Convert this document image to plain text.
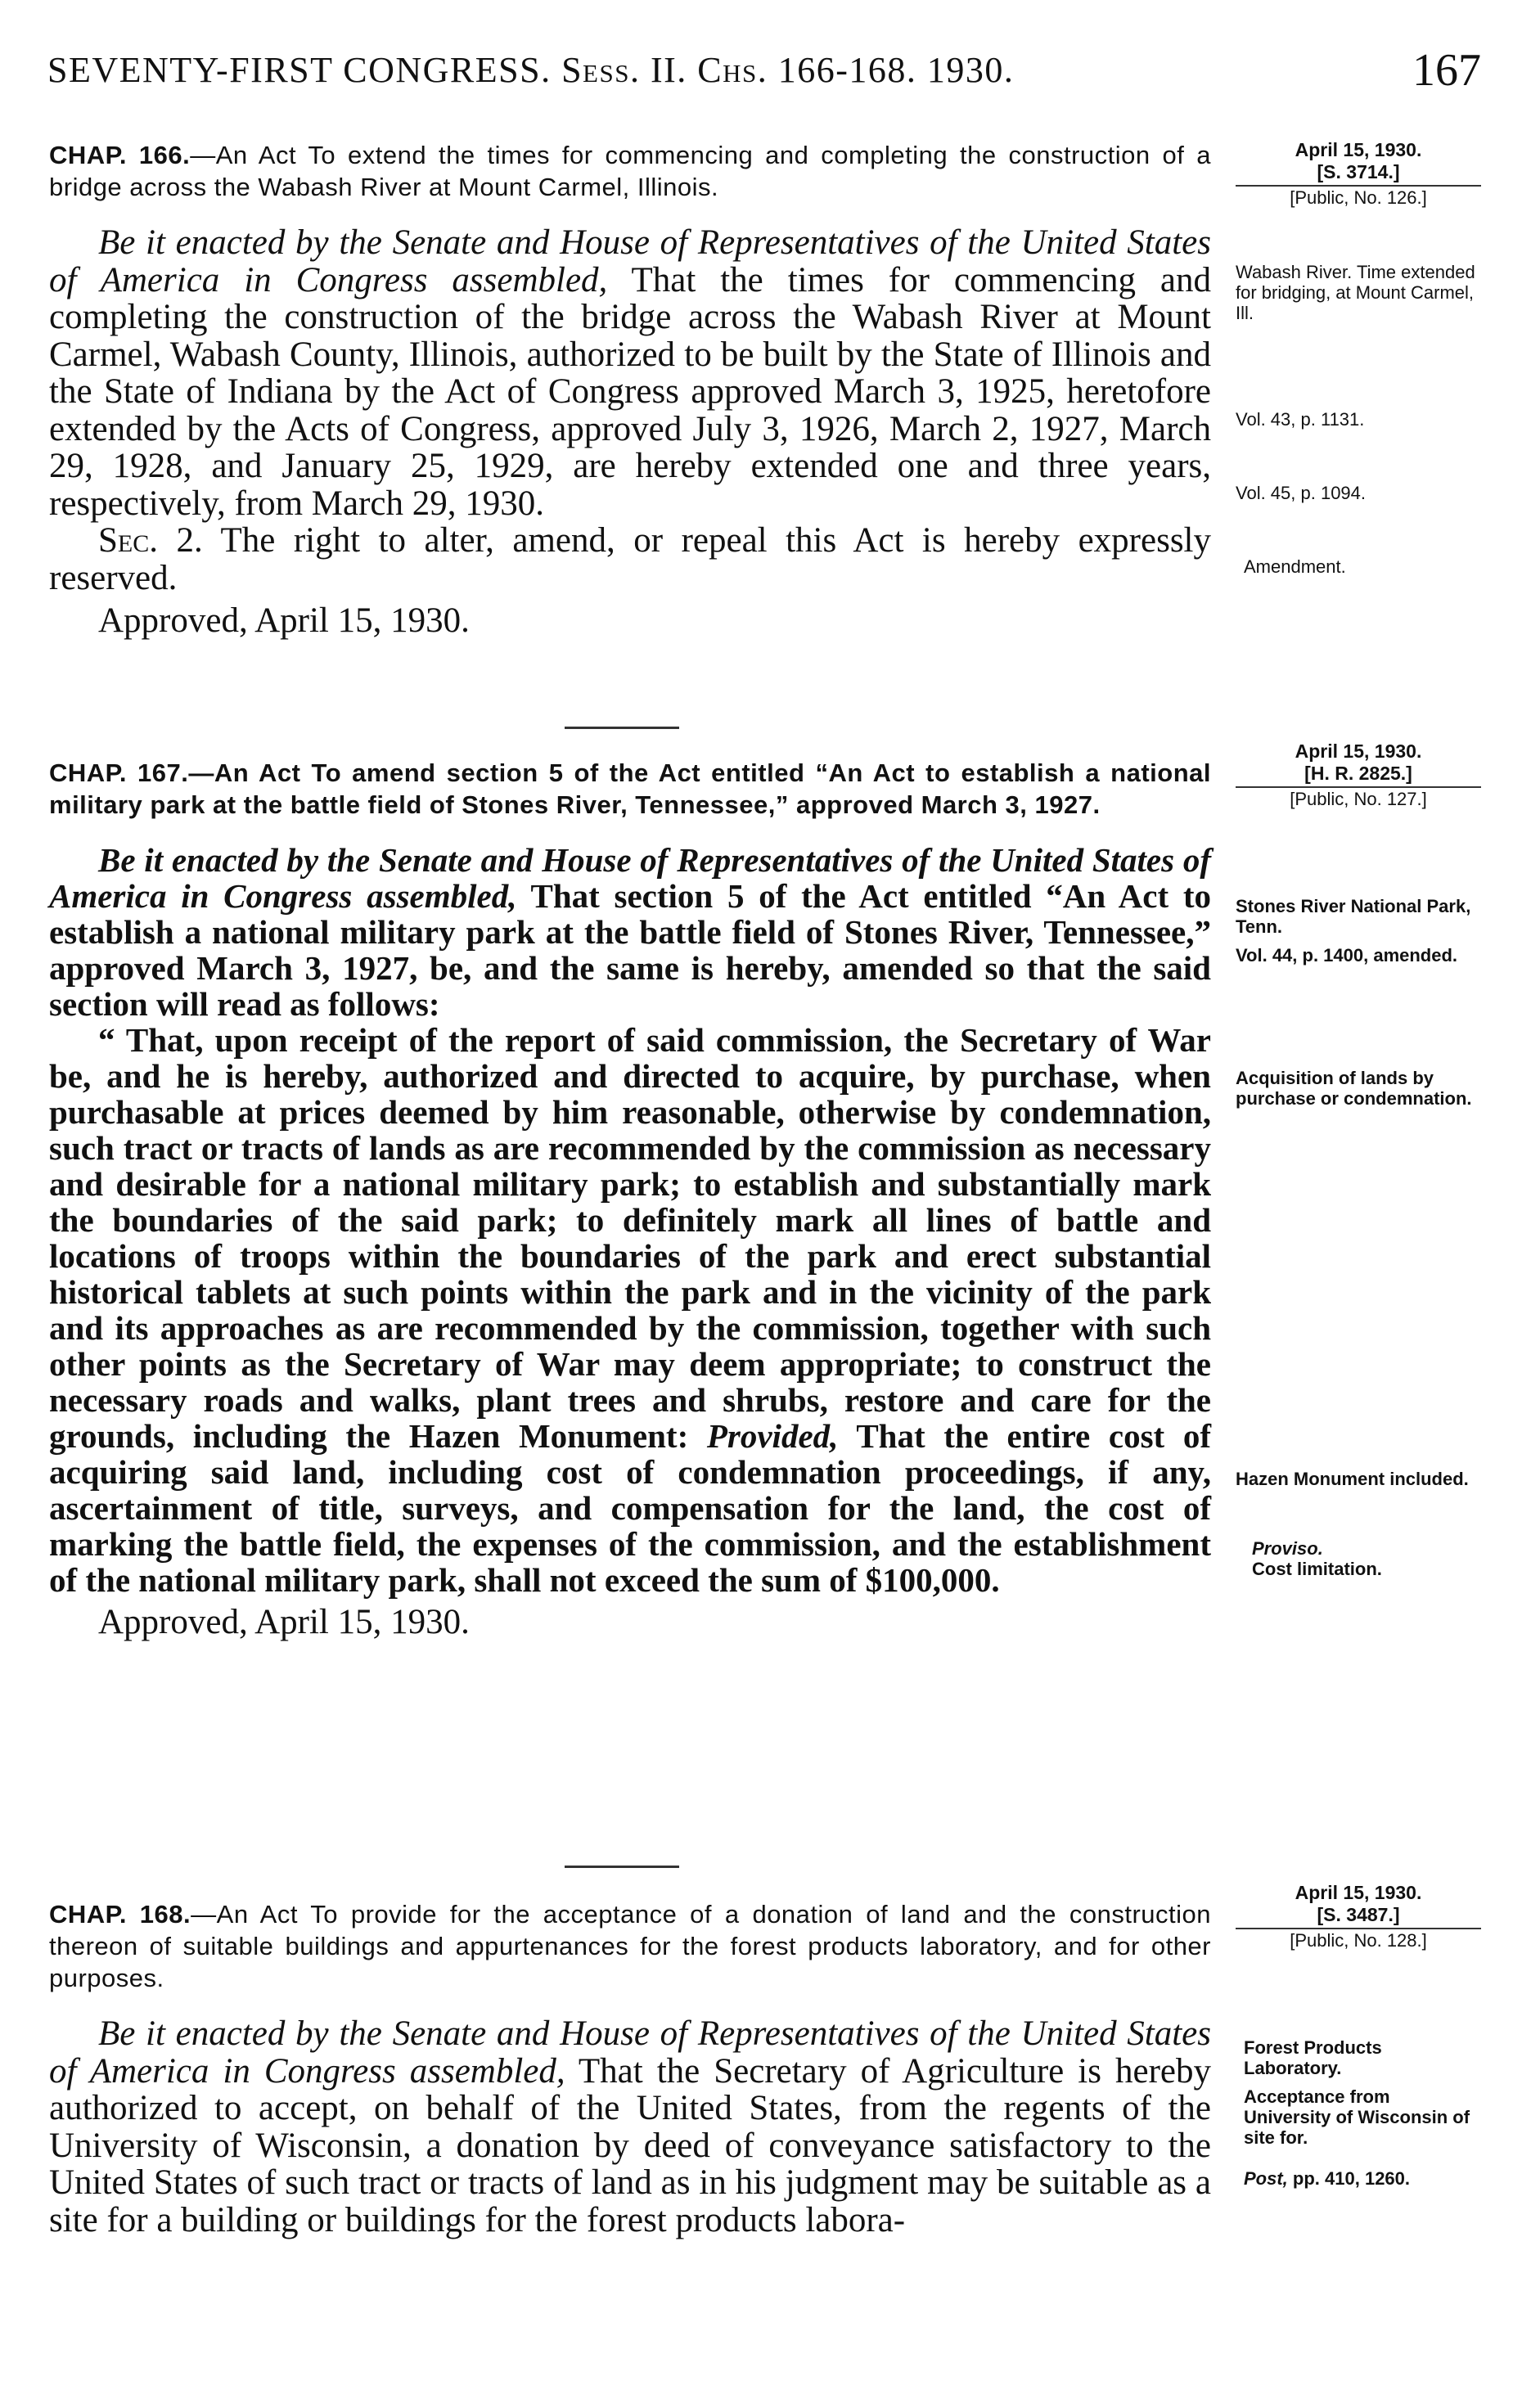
SEVENTY-FIRST CONGRESS. Sess. II. Chs. 166-168. 1930.	167
CHAP. 166.—An Act To extend the times for commencing and completing the construction of a bridge across the Wabash River at Mount Carmel, Illinois.

Be it enacted by the Senate and House of Representatives of the United States of America in Congress assembled, That the times for commencing and completing the construction of the bridge across the Wabash River at Mount Carmel, Wabash County, Illinois, authorized to be built by the State of Illinois and the State of Indiana by the Act of Congress approved March 3, 1925, heretofore extended by the Acts of Congress, approved July 3, 1926, March 2, 1927, March 29, 1928, and January 25, 1929, are hereby extended one and three years, respectively, from March 29, 1930.

Sec. 2. The right to alter, amend, or repeal this Act is hereby expressly reserved.

Approved, April 15, 1930.
April 15, 1930.
[S. 3714.]
[Public, No. 126.]
Wabash River. Time extended for bridging, at Mount Carmel, Ill.
Vol. 43, p. 1131.
Vol. 45, p. 1094.
Amendment.
CHAP. 167.—An Act To amend section 5 of the Act entitled “An Act to establish a national military park at the battle field of Stones River, Tennessee,” approved March 3, 1927.

Be it enacted by the Senate and House of Representatives of the United States of America in Congress assembled, That section 5 of the Act entitled “An Act to establish a national military park at the battle field of Stones River, Tennessee,” approved March 3, 1927, be, and the same is hereby, amended so that the said section will read as follows:

“ That, upon receipt of the report of said commission, the Secretary of War be, and he is hereby, authorized and directed to acquire, by purchase, when purchasable at prices deemed by him reasonable, otherwise by condemnation, such tract or tracts of lands as are recommended by the commission as necessary and desirable for a national military park; to establish and substantially mark the boundaries of the said park; to definitely mark all lines of battle and locations of troops within the boundaries of the park and erect substantial historical tablets at such points within the park and in the vicinity of the park and its approaches as are recommended by the commission, together with such other points as the Secretary of War may deem appropriate; to construct the necessary roads and walks, plant trees and shrubs, restore and care for the grounds, including the Hazen Monument: Provided, That the entire cost of acquiring said land, including cost of condemnation proceedings, if any, ascertainment of title, surveys, and compensation for the land, the cost of marking the battle field, the expenses of the commission, and the establishment of the national military park, shall not exceed the sum of $100,000.

Approved, April 15, 1930.
April 15, 1930.
[H. R. 2825.]
[Public, No. 127.]
Stones River National Park, Tenn.
Vol. 44, p. 1400, amended.
Acquisition of lands by purchase or condemnation.
Hazen Monument included.
Proviso.
Cost limitation.
CHAP. 168.—An Act To provide for the acceptance of a donation of land and the construction thereon of suitable buildings and appurtenances for the forest products laboratory, and for other purposes.

Be it enacted by the Senate and House of Representatives of the United States of America in Congress assembled, That the Secretary of Agriculture is hereby authorized to accept, on behalf of the United States, from the regents of the University of Wisconsin, a donation by deed of conveyance satisfactory to the United States of such tract or tracts of land as in his judgment may be suitable as a site for a building or buildings for the forest products labora-

April 15, 1930.
[S. 3487.]
[Public, No. 128.]
Forest Products Laboratory.
Acceptance from University of Wisconsin of site for.
Post, pp. 410, 1260.
